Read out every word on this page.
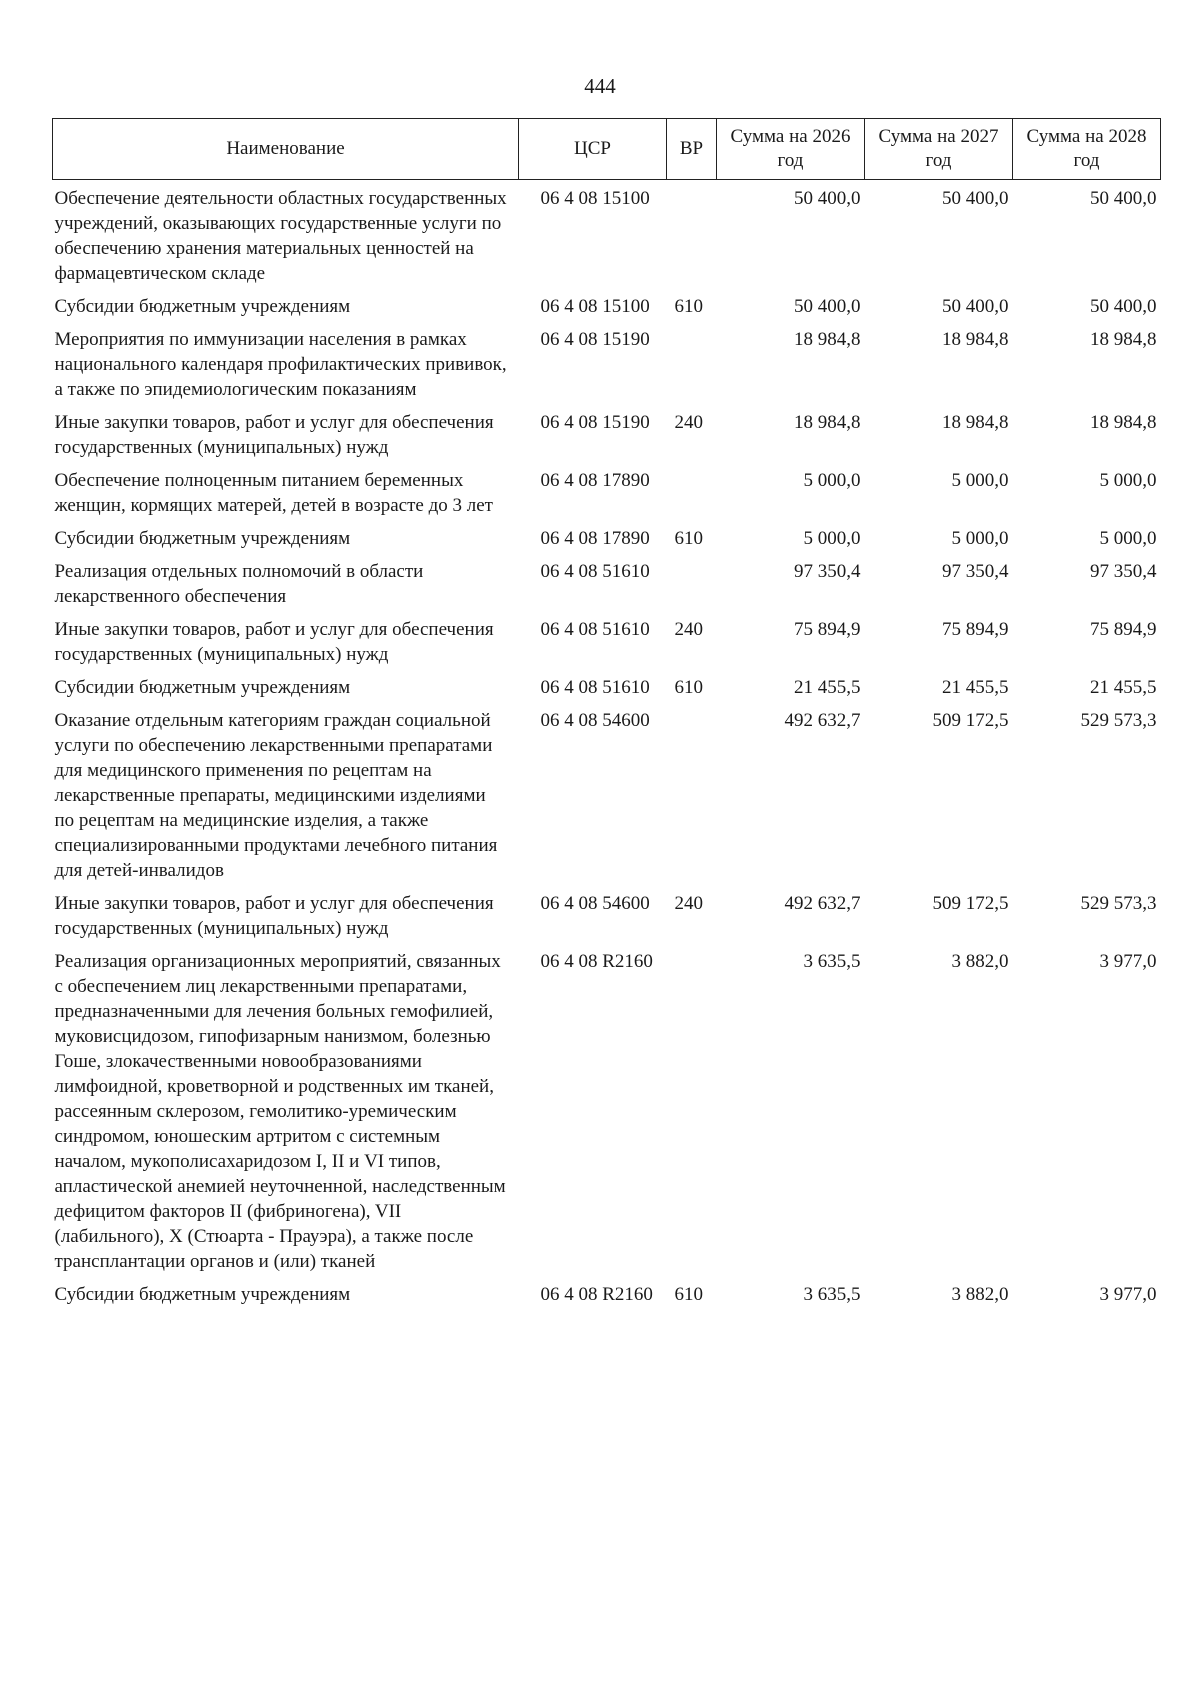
444
Наименование	ЦСР	ВР	Сумма на 2026 год	Сумма на 2027 год	Сумма на 2028 год
Обеспечение деятельности областных государственных учреждений, оказывающих государственные услуги по обеспечению хранения материальных ценностей на фармацевтическом складе	06 4 08 15100		50 400,0	50 400,0	50 400,0
Субсидии бюджетным учреждениям	06 4 08 15100	610	50 400,0	50 400,0	50 400,0
Мероприятия по иммунизации населения в рамках национального календаря профилактических прививок, а также по эпидемиологическим показаниям	06 4 08 15190		18 984,8	18 984,8	18 984,8
Иные закупки товаров, работ и услуг для обеспечения государственных (муниципальных) нужд	06 4 08 15190	240	18 984,8	18 984,8	18 984,8
Обеспечение полноценным питанием беременных женщин, кормящих матерей, детей в возрасте до 3 лет	06 4 08 17890		5 000,0	5 000,0	5 000,0
Субсидии бюджетным учреждениям	06 4 08 17890	610	5 000,0	5 000,0	5 000,0
Реализация отдельных полномочий в области лекарственного обеспечения	06 4 08 51610		97 350,4	97 350,4	97 350,4
Иные закупки товаров, работ и услуг для обеспечения государственных (муниципальных) нужд	06 4 08 51610	240	75 894,9	75 894,9	75 894,9
Субсидии бюджетным учреждениям	06 4 08 51610	610	21 455,5	21 455,5	21 455,5
Оказание отдельным категориям граждан социальной услуги по обеспечению лекарственными препаратами для медицинского применения по рецептам на лекарственные препараты, медицинскими изделиями по рецептам на медицинские изделия, а также специализированными продуктами лечебного питания для детей-инвалидов	06 4 08 54600		492 632,7	509 172,5	529 573,3
Иные закупки товаров, работ и услуг для обеспечения государственных (муниципальных) нужд	06 4 08 54600	240	492 632,7	509 172,5	529 573,3
Реализация организационных мероприятий, связанных с обеспечением лиц лекарственными препаратами, предназначенными для лечения больных гемофилией, муковисцидозом, гипофизарным нанизмом, болезнью Гоше, злокачественными новообразованиями лимфоидной, кроветворной и родственных им тканей, рассеянным склерозом, гемолитико-уремическим синдромом, юношеским артритом с системным началом, мукополисахаридозом I, II и VI типов, апластической анемией неуточненной, наследственным дефицитом факторов II (фибриногена), VII (лабильного), X (Стюарта - Прауэра), а также после трансплантации органов и (или) тканей	06 4 08 R2160		3 635,5	3 882,0	3 977,0
Субсидии бюджетным учреждениям	06 4 08 R2160	610	3 635,5	3 882,0	3 977,0
